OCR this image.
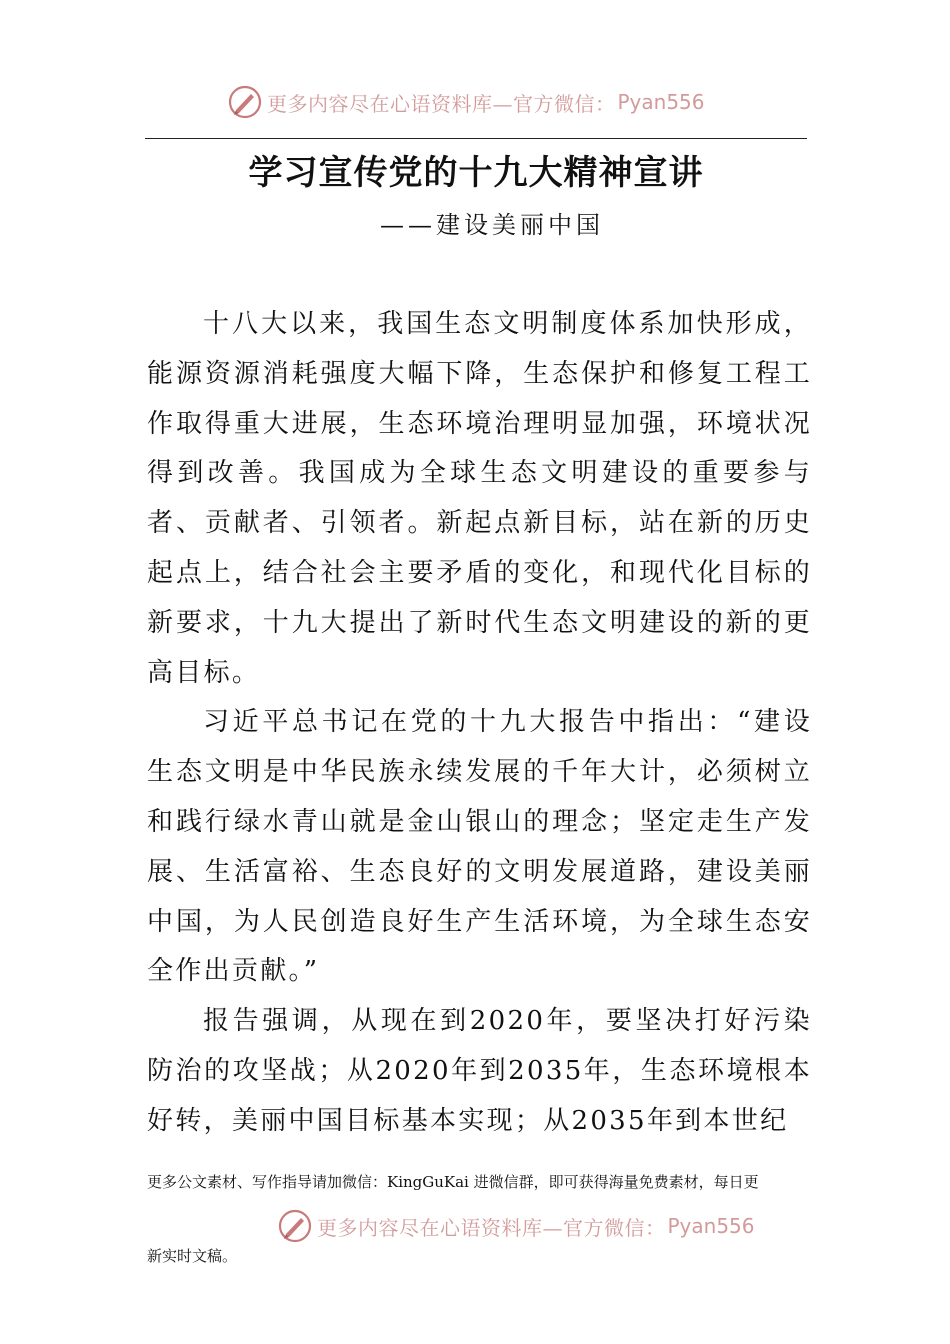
更多内容尽在心语资料库—官方微信： Pyan556
学习宣传党的十九大精神宣讲
——建设美丽中国

十八大以来，我国生态文明制度体系加快形成，能源资源消耗强度大幅下降，生态保护和修复工程工作取得重大进展，生态环境治理明显加强，环境状况得到改善。我国成为全球生态文明建设的重要参与者、贡献者、引领者。新起点新目标，站在新的历史起点上，结合社会主要矛盾的变化，和现代化目标的新要求，十九大提出了新时代生态文明建设的新的更高目标。

习近平总书记在党的十九大报告中指出：“建设生态文明是中华民族永续发展的千年大计，必须树立和践行绿水青山就是金山银山的理念；坚定走生产发展、生活富裕、生态良好的文明发展道路，建设美丽中国，为人民创造良好生产生活环境，为全球生态安全作出贡献。”

报告强调，从现在到2020年，要坚决打好污染防治的攻坚战；从2020年到2035年，生态环境根本好转，美丽中国目标基本实现；从2035年到本世纪

更多公文素材、写作指导请加微信：KingGuKai 进微信群，即可获得海量免费素材，每日更
更多内容尽在心语资料库—官方微信： Pyan556
新实时文稿。
